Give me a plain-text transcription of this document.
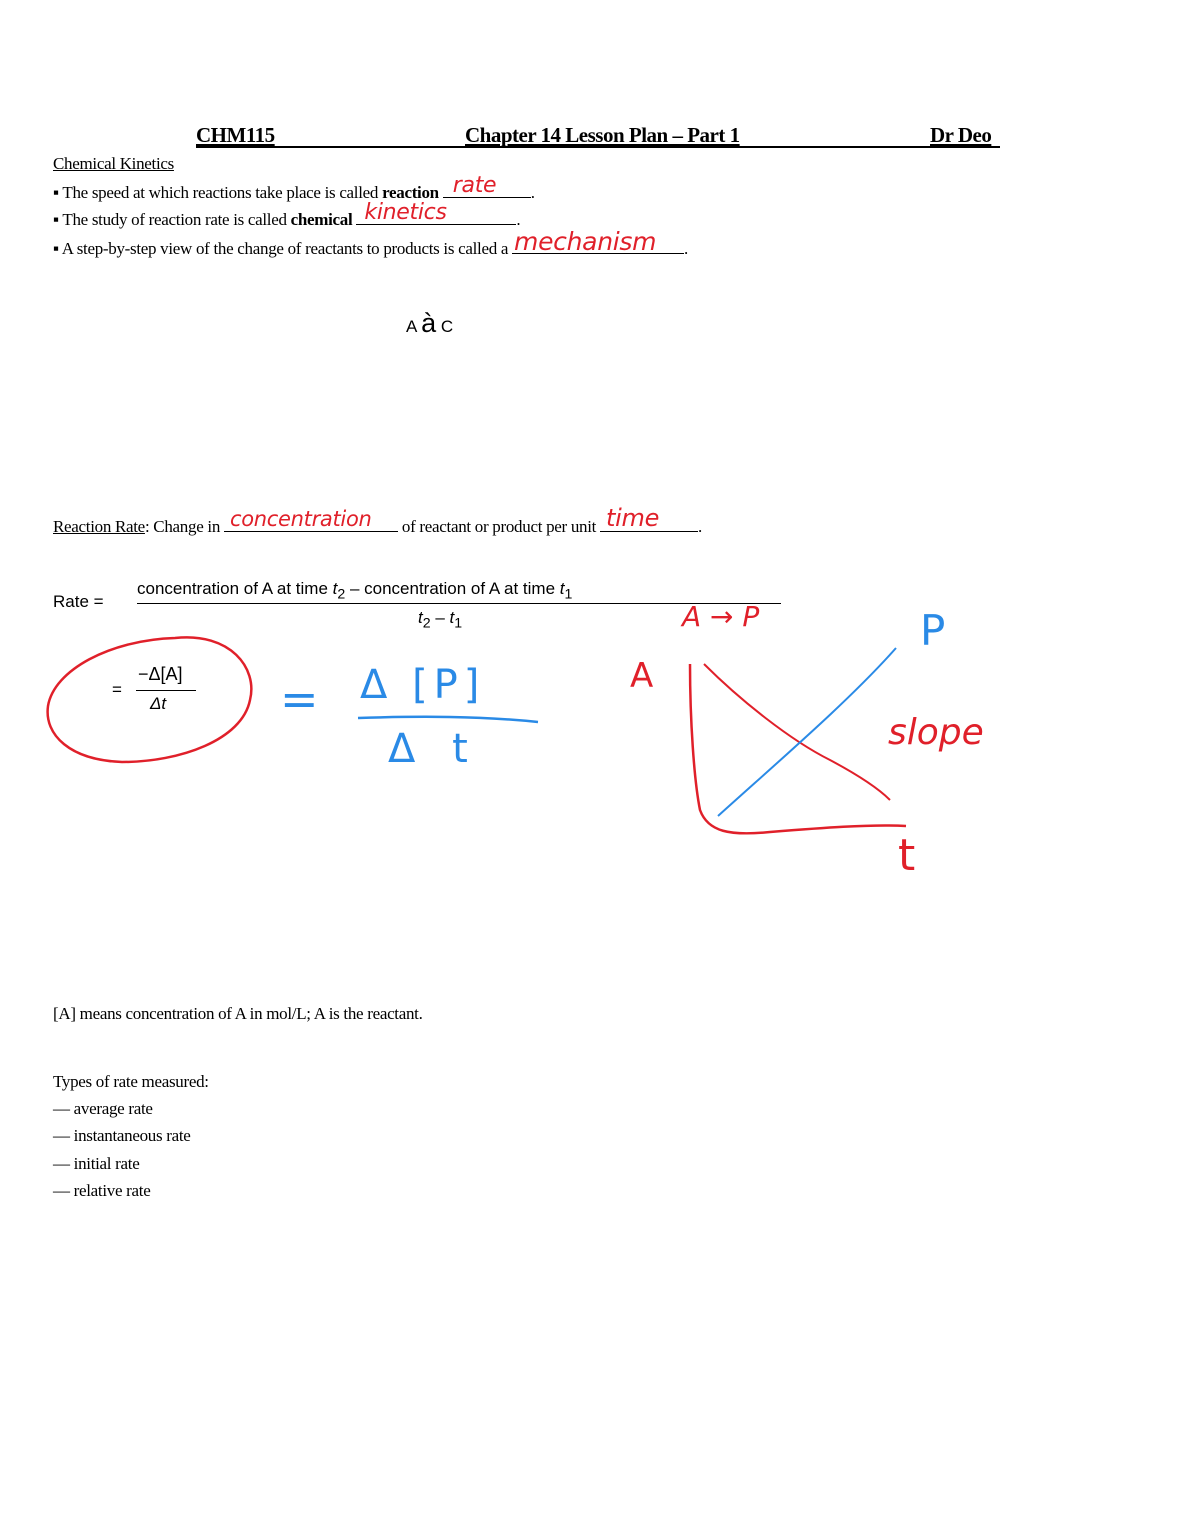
CHM115	Chapter 14 Lesson Plan – Part 1	Dr Deo
Chemical Kinetics
▪ The speed at which reactions take place is called reaction rate .
▪ The study of reaction rate is called chemical kinetics	.
▪ A step-by-step view of the change of reactants to products is called a mechanism .
A à C
Reaction Rate: Change in concentration of reactant or product per unit time .
Rate =
concentration of A at time $t_2$ – concentration of A at time $t_1$
$t_2 - t_1$
=
−Δ[A]
Δt = Δ [P]
Δ t
A → P
A
t
P
slope
[A] means concentration of A in mol/L; A is the reactant.
Types of rate measured:
— average rate
— instantaneous rate
— initial rate
— relative rate
